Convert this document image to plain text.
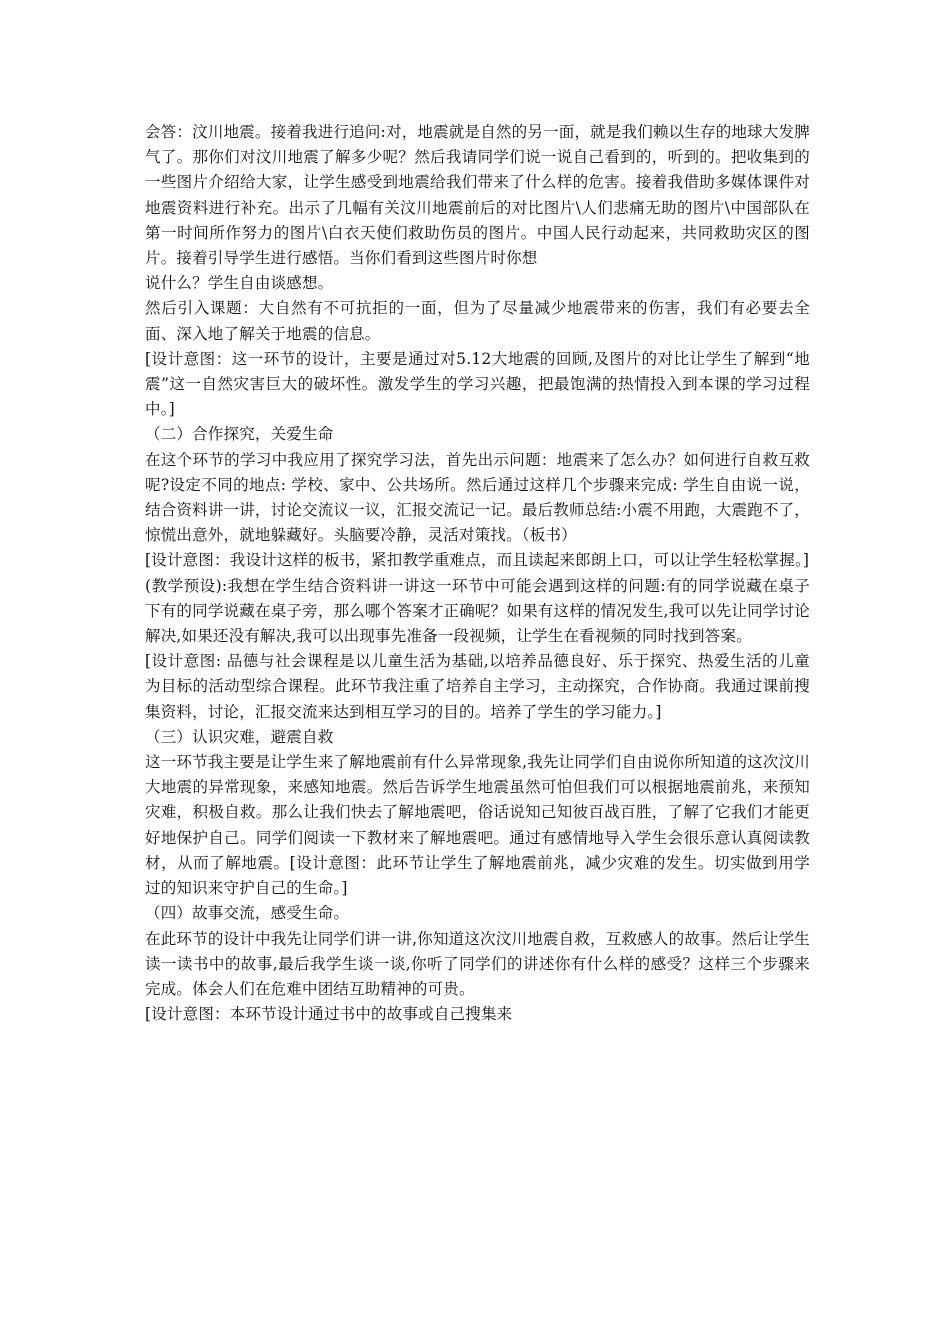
会答：汶川地震。接着我进行追问:对，地震就是自然的另一面，就是我们赖以生存的地球大发脾气了。那你们对汶川地震了解多少呢？然后我请同学们说一说自己看到的，听到的。把收集到的一些图片介绍给大家，让学生感受到地震给我们带来了什么样的危害。接着我借助多媒体课件对地震资料进行补充。出示了几幅有关汶川地震前后的对比图片\人们悲痛无助的图片\中国部队在第一时间所作努力的图片\白衣天使们救助伤员的图片。中国人民行动起来，共同救助灾区的图片。接着引导学生进行感悟。当你们看到这些图片时你想

说什么？学生自由谈感想。

然后引入课题：大自然有不可抗拒的一面，但为了尽量减少地震带来的伤害，我们有必要去全面、深入地了解关于地震的信息。

[设计意图：这一环节的设计，主要是通过对5.12大地震的回顾,及图片的对比让学生了解到“地震”这一自然灾害巨大的破坏性。激发学生的学习兴趣，把最饱满的热情投入到本课的学习过程中。]

（二）合作探究，关爱生命

在这个环节的学习中我应用了探究学习法，首先出示问题：地震来了怎么办？如何进行自救互救呢?设定不同的地点: 学校、家中、公共场所。然后通过这样几个步骤来完成: 学生自由说一说，结合资料讲一讲，讨论交流议一议，汇报交流记一记。最后教师总结:小震不用跑，大震跑不了，惊慌出意外，就地躲藏好。头脑要冷静，灵活对策找。（板书）

[设计意图：我设计这样的板书，紧扣教学重难点，而且读起来郎朗上口，可以让学生轻松掌握。]

(教学预设):我想在学生结合资料讲一讲这一环节中可能会遇到这样的问题:有的同学说藏在桌子下有的同学说藏在桌子旁，那么哪个答案才正确呢？如果有这样的情况发生,我可以先让同学讨论解决,如果还没有解决,我可以出现事先准备一段视频，让学生在看视频的同时找到答案。

[设计意图: 品德与社会课程是以儿童生活为基础,以培养品德良好、乐于探究、热爱生活的儿童为目标的活动型综合课程。此环节我注重了培养自主学习，主动探究，合作协商。我通过课前搜集资料，讨论，汇报交流来达到相互学习的目的。培养了学生的学习能力。]

（三）认识灾难，避震自救

这一环节我主要是让学生来了解地震前有什么异常现象,我先让同学们自由说你所知道的这次汶川大地震的异常现象，来感知地震。然后告诉学生地震虽然可怕但我们可以根据地震前兆，来预知灾难，积极自救。那么让我们快去了解地震吧，俗话说知己知彼百战百胜，了解了它我们才能更好地保护自己。同学们阅读一下教材来了解地震吧。通过有感情地导入学生会很乐意认真阅读教材，从而了解地震。[设计意图：此环节让学生了解地震前兆，减少灾难的发生。切实做到用学过的知识来守护自己的生命。]

（四）故事交流，感受生命。

在此环节的设计中我先让同学们讲一讲,你知道这次汶川地震自救，互救感人的故事。然后让学生读一读书中的故事,最后我学生谈一谈,你听了同学们的讲述你有什么样的感受？这样三个步骤来完成。体会人们在危难中团结互助精神的可贵。

[设计意图：本环节设计通过书中的故事或自己搜集来
